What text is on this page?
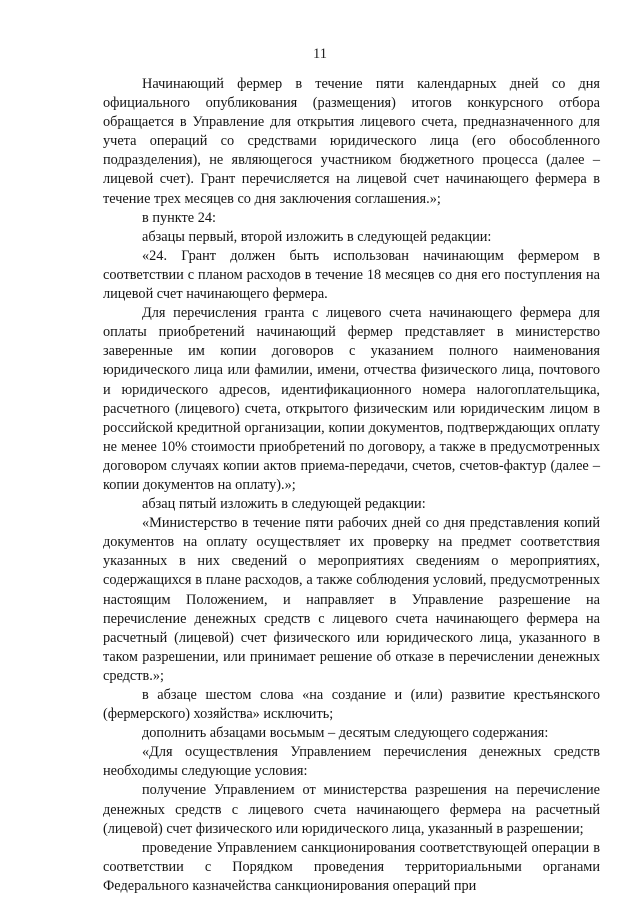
11

Начинающий фермер в течение пяти календарных дней со дня официального опубликования (размещения) итогов конкурсного отбора обращается в Управление для открытия лицевого счета, предназначенного для учета операций со средствами юридического лица (его обособленного подразделения), не являющегося участником бюджетного процесса (далее – лицевой счет). Грант перечисляется на лицевой счет начинающего фермера в течение трех месяцев со дня заключения соглашения.»;

в пункте 24:

абзацы первый, второй изложить в следующей редакции:

«24. Грант должен быть использован начинающим фермером в соответствии с планом расходов в течение 18 месяцев со дня его поступления на лицевой счет начинающего фермера.

Для перечисления гранта с лицевого счета начинающего фермера для оплаты приобретений начинающий фермер представляет в министерство заверенные им копии договоров с указанием полного наименования юридического лица или фамилии, имени, отчества физического лица, почтового и юридического адресов, идентификационного номера налогоплательщика, расчетного (лицевого) счета, открытого физическим или юридическим лицом в российской кредитной организации, копии документов, подтверждающих оплату не менее 10% стоимости приобретений по договору, а также в предусмотренных договором случаях копии актов приема-передачи, счетов, счетов-фактур (далее – копии документов на оплату).»;

абзац пятый изложить в следующей редакции:

«Министерство в течение пяти рабочих дней со дня представления копий документов на оплату осуществляет их проверку на предмет соответствия указанных в них сведений о мероприятиях сведениям о мероприятиях, содержащихся в плане расходов, а также соблюдения условий, предусмотренных настоящим Положением, и направляет в Управление разрешение на перечисление денежных средств с лицевого счета начинающего фермера на расчетный (лицевой) счет физического или юридического лица, указанного в таком разрешении, или принимает решение об отказе в перечислении денежных средств.»;

в абзаце шестом слова «на создание и (или) развитие крестьянского (фермерского) хозяйства» исключить;

дополнить абзацами восьмым – десятым следующего содержания:

«Для осуществления Управлением перечисления денежных средств необходимы следующие условия:

получение Управлением от министерства разрешения на перечисление денежных средств с лицевого счета начинающего фермера на расчетный (лицевой) счет физического или юридического лица, указанный в разрешении;

проведение Управлением санкционирования соответствующей операции в соответствии с Порядком проведения территориальными органами Федерального казначейства санкционирования операций при
